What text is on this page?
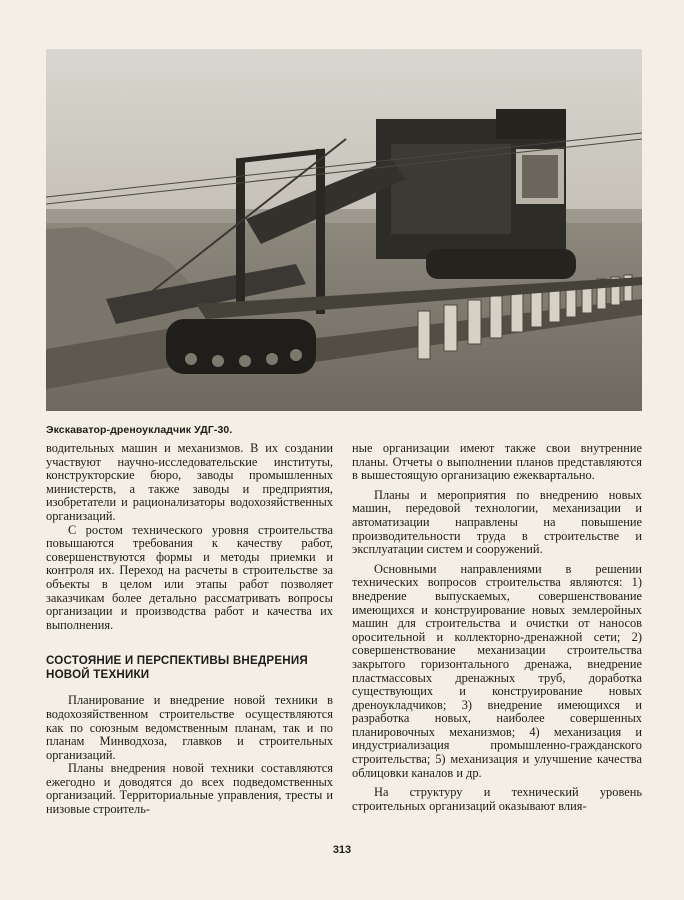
Экскаватор-дреноукладчик УДГ-30.

водительных машин и механизмов. В их создании участвуют научно-исследовательские институты, конструкторские бюро, заводы промышленных министерств, а также заводы и предприятия, изобретатели и рационализаторы водохозяйственных организаций.

С ростом технического уровня строительства повышаются требования к качеству работ, совершенствуются формы и методы приемки и контроля их. Переход на расчеты в строительстве за объекты в целом или этапы работ позволяет заказчикам более детально рассматривать вопросы организации и производства работ и качества их выполнения.

СОСТОЯНИЕ И ПЕРСПЕКТИВЫ ВНЕДРЕНИЯ НОВОЙ ТЕХНИКИ

Планирование и внедрение новой техники в водохозяйственном строительстве осуществляются как по союзным ведомственным планам, так и по планам Минводхоза, главков и строительных организаций.

Планы внедрения новой техники составляются ежегодно и доводятся до всех подведомственных организаций. Территориальные управления, тресты и низовые строитель-

ные организации имеют также свои внутренние планы. Отчеты о выполнении планов представляются в вышестоящую организацию ежеквартально.

Планы и мероприятия по внедрению новых машин, передовой технологии, механизации и автоматизации направлены на повышение производительности труда в строительстве и эксплуатации систем и сооружений.

Основными направлениями в решении технических вопросов строительства являются: 1) внедрение выпускаемых, совершенствование имеющихся и конструирование новых землеройных машин для строительства и очистки от наносов оросительной и коллекторно-дренажной сети; 2) совершенствование механизации строительства закрытого горизонтального дренажа, внедрение пластмассовых дренажных труб, доработка существующих и конструирование новых дреноукладчиков; 3) внедрение имеющихся и разработка новых, наиболее совершенных планировочных механизмов; 4) механизация и индустриализация промышленно-гражданского строительства; 5) механизация и улучшение качества облицовки каналов и др.

На структуру и технический уровень строительных организаций оказывают влия-

313
